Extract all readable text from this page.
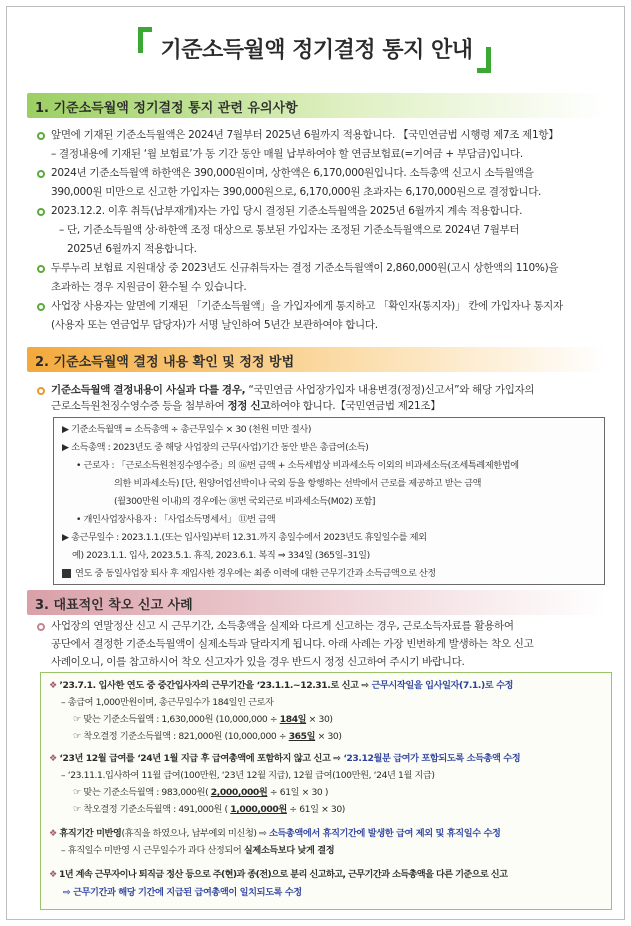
기준소득월액 정기결정 통지 안내
1. 기준소득월액 정기결정 통지 관련 유의사항
앞면에 기재된 기준소득월액은 2024년 7월부터 2025년 6월까지 적용합니다. 【국민연금법 시행령 제7조 제1항】
– 결정내용에 기재된 ‘월 보험료’가 동 기간 동안 매월 납부하여야 할 연금보험료(=기여금 + 부담금)입니다.
2024년 기준소득월액 하한액은 390,000원이며, 상한액은 6,170,000원입니다. 소득총액 신고시 소득월액을
390,000원 미만으로 신고한 가입자는 390,000원으로, 6,170,000원 초과자는 6,170,000원으로 결정합니다.
2023.12.2. 이후 취득(납부재개)자는 가입 당시 결정된 기준소득월액을 2025년 6월까지 계속 적용합니다.
– 단, 기준소득월액 상·하한액 조정 대상으로 통보된 가입자는 조정된 기준소득월액으로 2024년 7월부터
2025년 6월까지 적용합니다.
두루누리 보험료 지원대상 중 2023년도 신규취득자는 결정 기준소득월액이 2,860,000원(고시 상한액의 110%)을
초과하는 경우 지원금이 환수될 수 있습니다.
사업장 사용자는 앞면에 기재된 「기준소득월액」을 가입자에게 통지하고 「확인자(통지자)」 칸에 가입자나 통지자
(사용자 또는 연금업무 담당자)가 서명 날인하여 5년간 보관하여야 합니다.
2. 기준소득월액 결정 내용 확인 및 정정 방법
기준소득월액 결정내용이 사실과 다를 경우, “국민연금 사업장가입자 내용변경(정정)신고서”와 해당 가입자의
근로소득원천징수영수증 등을 첨부하여 정정 신고하여야 합니다.【국민연금법 제21조】
▶ 기준소득월액 = 소득총액 ÷ 총근무일수 × 30 (천원 미만 절사)
▶ 소득총액 : 2023년도 중 해당 사업장의 근무(사업)기간 동안 받은 총급여(소득)
• 근로자 : 「근로소득원천징수영수증」의 ⑯번 금액 + 소득세법상 비과세소득 이외의 비과세소득(조세특례제한법에
의한 비과세소득) [단, 원양어업선박이나 국외 등을 항행하는 선박에서 근로를 제공하고 받는 금액
(월300만원 이내)의 경우에는 ⑱번 국외근로 비과세소득(M02) 포함]
• 개인사업장사용자 : 「사업소득명세서」 ⑪번 금액
▶ 총근무일수 : 2023.1.1.(또는 입사일)부터 12.31.까지 총일수에서 2023년도 휴일일수를 제외
예) 2023.1.1. 입사, 2023.5.1. 휴직, 2023.6.1. 복직 ⇒ 334일 (365일–31일)
연도 중 동일사업장 퇴사 후 재입사한 경우에는 최종 이력에 대한 근무기간과 소득금액으로 산정
3. 대표적인 착오 신고 사례
사업장의 연말정산 신고 시 근무기간, 소득총액을 실제와 다르게 신고하는 경우, 근로소득자료를 활용하여
공단에서 결정한 기준소득월액이 실제소득과 달라지게 됩니다. 아래 사례는 가장 빈번하게 발생하는 착오 신고
사례이오니, 이를 참고하시어 착오 신고자가 있을 경우 반드시 정정 신고하여 주시기 바랍니다.
❖ ’23.7.1. 입사한 연도 중 중간입사자의 근무기간을 ‘23.1.1.~12.31.로 신고 ⇨ 근무시작일을 입사일자(7.1.)로 수정
– 총급여 1,000만원이며, 총근무일수가 184일인 근로자
☞ 맞는 기준소득월액 : 1,630,000원 (10,000,000 ÷ 184일 × 30)
☞ 착오결정 기준소득월액 : 821,000원 (10,000,000 ÷ 365일 × 30)
❖ ‘23년 12월 급여를 ‘24년 1월 지급 후 급여총액에 포함하지 않고 신고 ⇨ ‘23.12월분 급여가 포함되도록 소득총액 수정
– ‘23.11.1.입사하여 11월 급여(100만원, ‘23년 12월 지급), 12월 급여(100만원, ‘24년 1월 지급)
☞ 맞는 기준소득월액 : 983,000원( 2,000,000원 ÷ 61일 × 30 )
☞ 착오결정 기준소득월액 : 491,000원 ( 1,000,000원 ÷ 61일 × 30)
❖ 휴직기간 미반영(휴직을 하였으나, 납부예외 미신청) ⇨ 소득총액에서 휴직기간에 발생한 급여 제외 및 휴직일수 수정
– 휴직일수 미반영 시 근무일수가 과다 산정되어 실제소득보다 낮게 결정
❖ 1년 계속 근무자이나 퇴직금 정산 등으로 주(현)과 종(전)으로 분리 신고하고, 근무기간과 소득총액을 다른 기준으로 신고
⇨ 근무기간과 해당 기간에 지급된 급여총액이 일치되도록 수정
